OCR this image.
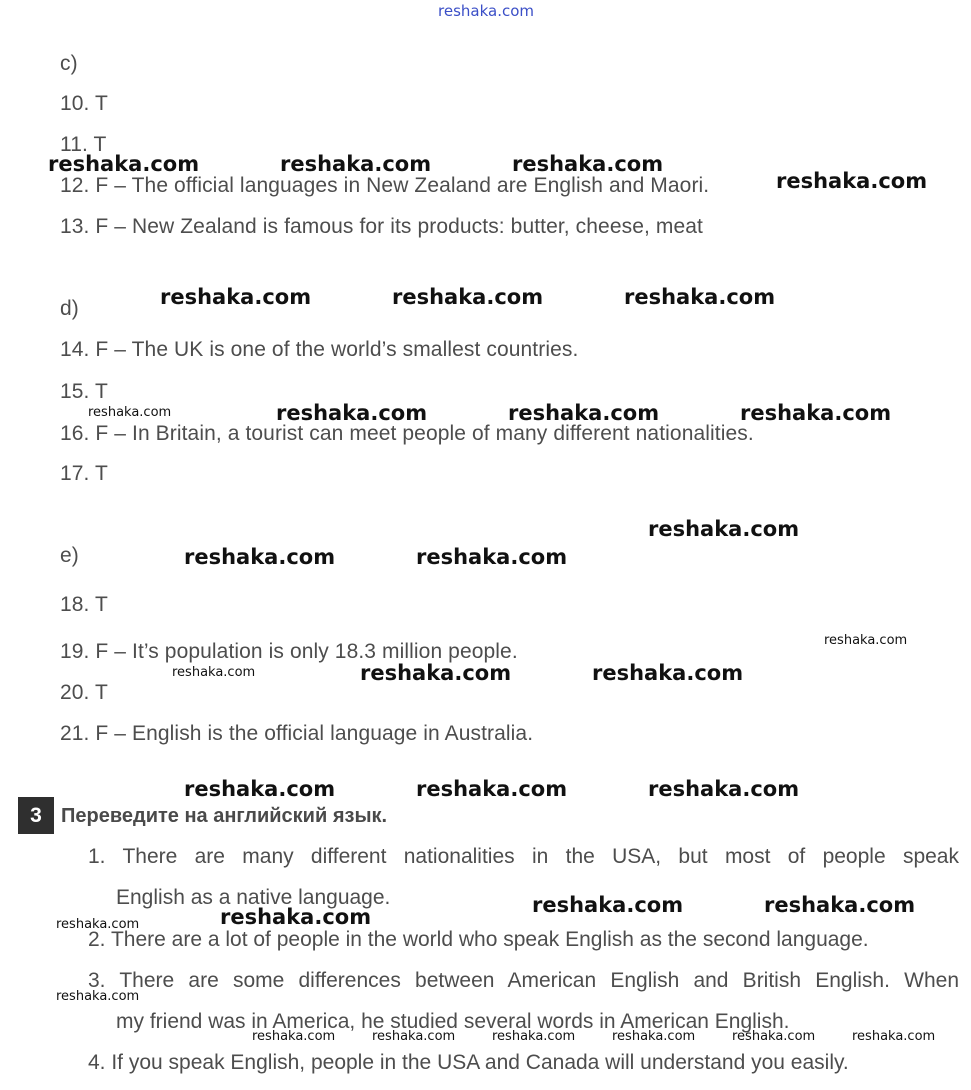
reshaka.com
c)
10. T
11. T
12. F – The official languages in New Zealand are English and Maori.
13. F – New Zealand is famous for its products: butter, cheese, meat
d)
14. F – The UK is one of the world’s smallest countries.
15. T
16. F – In Britain, a tourist can meet people of many different nationalities.
17. T
e)
18. T
19. F – It’s population is only 18.3 million people.
20. T
21. F – English is the official language in Australia.
3 Переведите на английский язык.
1. There are many different nationalities in the USA, but most of people speak
English as a native language.
2. There are a lot of people in the world who speak English as the second language.
3. There are some differences between American English and British English. When
my friend was in America, he studied several words in American English.
4. If you speak English, people in the USA and Canada will understand you easily.
reshaka.com	reshaka.com	reshaka.com
reshaka.com
reshaka.com	reshaka.com	reshaka.com
reshaka.com	reshaka.com	reshaka.com	reshaka.com
reshaka.com
reshaka.com	reshaka.com
reshaka.com
reshaka.com	reshaka.com	reshaka.com
reshaka.com	reshaka.com	reshaka.com
reshaka.com	reshaka.com
reshaka.com
reshaka.com
reshaka.com
reshaka.com	reshaka.com	reshaka.com	reshaka.com	reshaka.com	reshaka.com
